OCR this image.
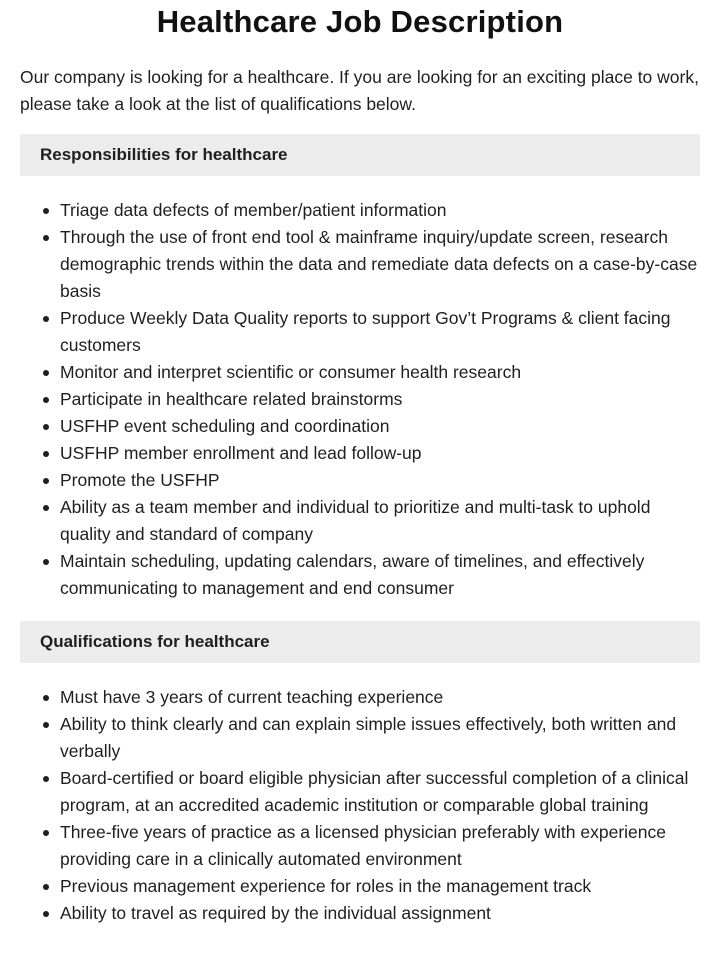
Healthcare Job Description

Our company is looking for a healthcare. If you are looking for an exciting place to work, please take a look at the list of qualifications below.

Responsibilities for healthcare
Triage data defects of member/patient information
Through the use of front end tool & mainframe inquiry/update screen, research demographic trends within the data and remediate data defects on a case-by-case basis
Produce Weekly Data Quality reports to support Gov’t Programs & client facing customers
Monitor and interpret scientific or consumer health research
Participate in healthcare related brainstorms
USFHP event scheduling and coordination
USFHP member enrollment and lead follow-up
Promote the USFHP
Ability as a team member and individual to prioritize and multi-task to uphold quality and standard of company
Maintain scheduling, updating calendars, aware of timelines, and effectively communicating to management and end consumer
Qualifications for healthcare
Must have 3 years of current teaching experience
Ability to think clearly and can explain simple issues effectively, both written and verbally
Board-certified or board eligible physician after successful completion of a clinical program, at an accredited academic institution or comparable global training
Three-five years of practice as a licensed physician preferably with experience providing care in a clinically automated environment
Previous management experience for roles in the management track
Ability to travel as required by the individual assignment
